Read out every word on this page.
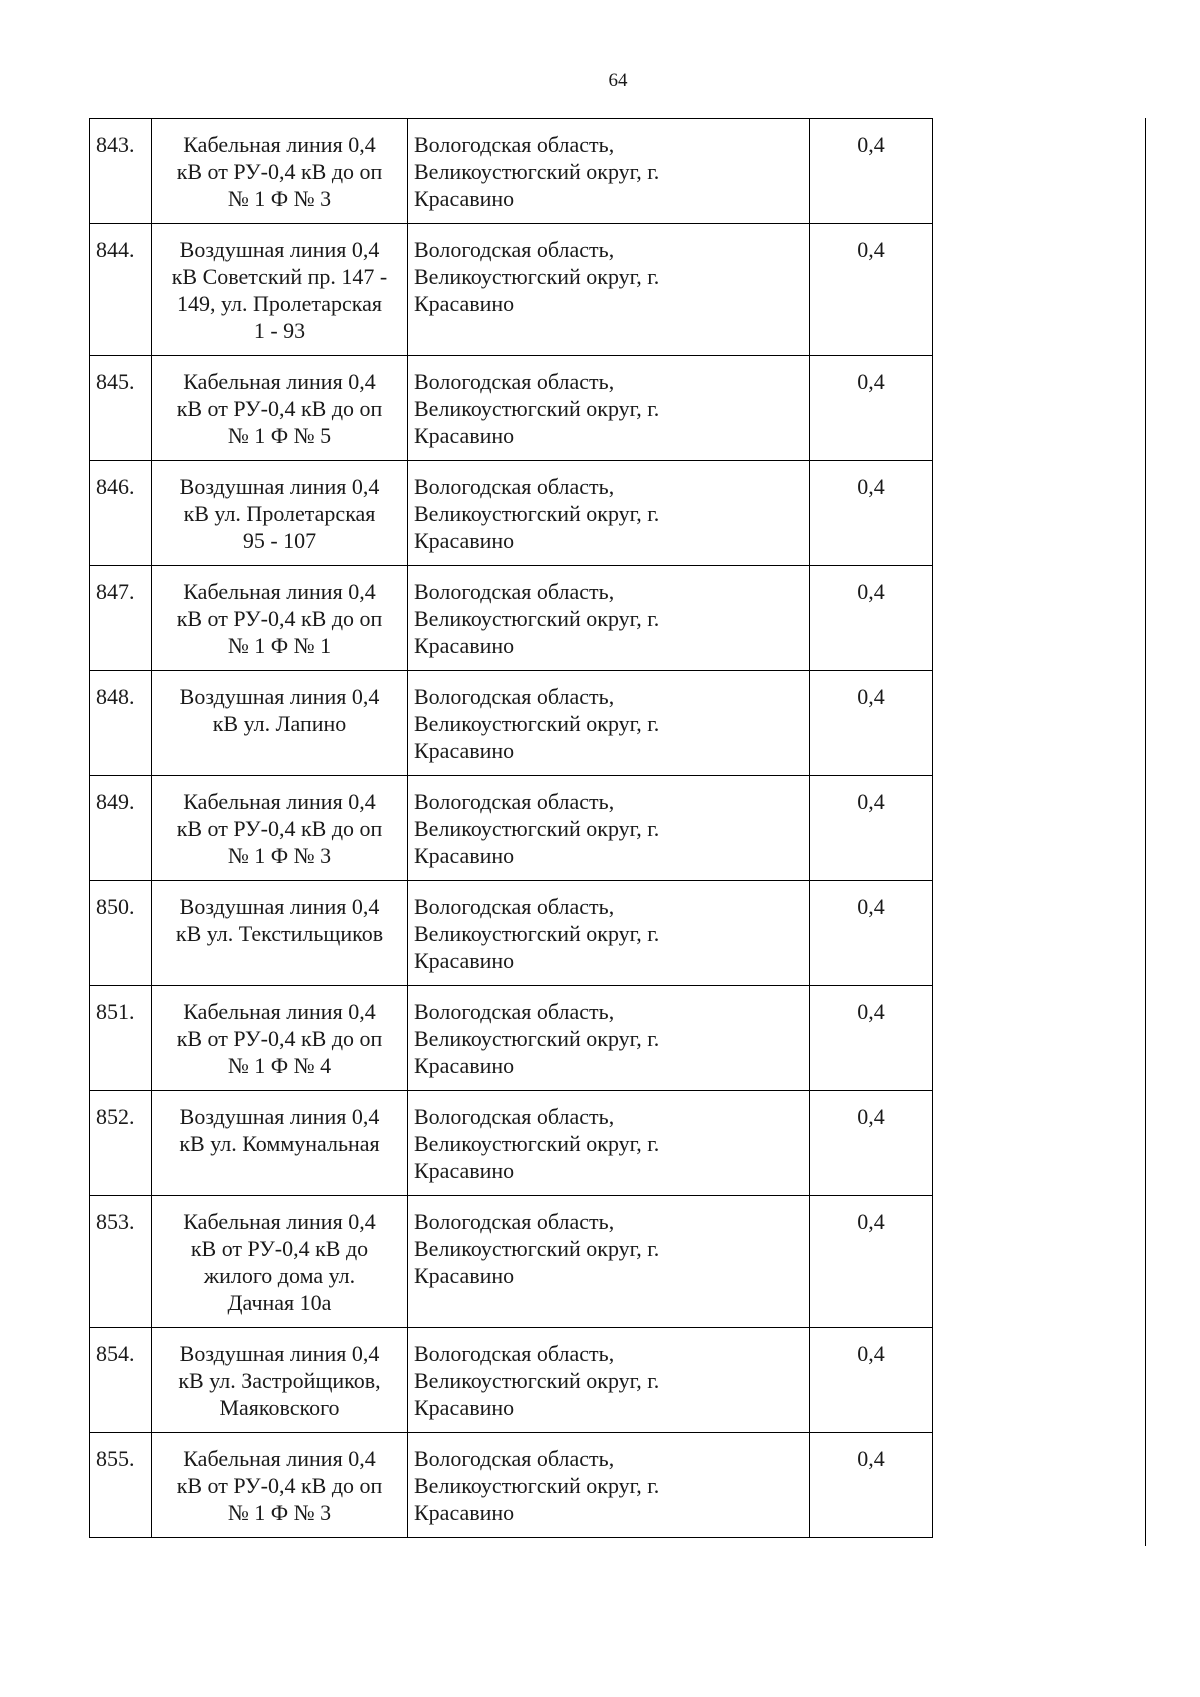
64
843.	Кабельная линия 0,4
кВ от РУ-0,4 кВ до оп
№ 1 Ф № 3	Вологодская область,
Великоустюгский округ, г.
Красавино	0,4
844.	Воздушная линия 0,4
кВ Советский пр. 147 -
149, ул. Пролетарская
1 - 93	Вологодская область,
Великоустюгский округ, г.
Красавино	0,4
845.	Кабельная линия 0,4
кВ от РУ-0,4 кВ до оп
№ 1 Ф № 5	Вологодская область,
Великоустюгский округ, г.
Красавино	0,4
846.	Воздушная линия 0,4
кВ ул. Пролетарская
95 - 107	Вологодская область,
Великоустюгский округ, г.
Красавино	0,4
847.	Кабельная линия 0,4
кВ от РУ-0,4 кВ до оп
№ 1 Ф № 1	Вологодская область,
Великоустюгский округ, г.
Красавино	0,4
848.	Воздушная линия 0,4
кВ ул. Лапино	Вологодская область,
Великоустюгский округ, г.
Красавино	0,4
849.	Кабельная линия 0,4
кВ от РУ-0,4 кВ до оп
№ 1 Ф № 3	Вологодская область,
Великоустюгский округ, г.
Красавино	0,4
850.	Воздушная линия 0,4
кВ ул. Текстильщиков	Вологодская область,
Великоустюгский округ, г.
Красавино	0,4
851.	Кабельная линия 0,4
кВ от РУ-0,4 кВ до оп
№ 1 Ф № 4	Вологодская область,
Великоустюгский округ, г.
Красавино	0,4
852.	Воздушная линия 0,4
кВ ул. Коммунальная	Вологодская область,
Великоустюгский округ, г.
Красавино	0,4
853.	Кабельная линия 0,4
кВ от РУ-0,4 кВ до
жилого дома ул.
Дачная 10а	Вологодская область,
Великоустюгский округ, г.
Красавино	0,4
854.	Воздушная линия 0,4
кВ ул. Застройщиков,
Маяковского	Вологодская область,
Великоустюгский округ, г.
Красавино	0,4
855.	Кабельная линия 0,4
кВ от РУ-0,4 кВ до оп
№ 1 Ф № 3	Вологодская область,
Великоустюгский округ, г.
Красавино	0,4
